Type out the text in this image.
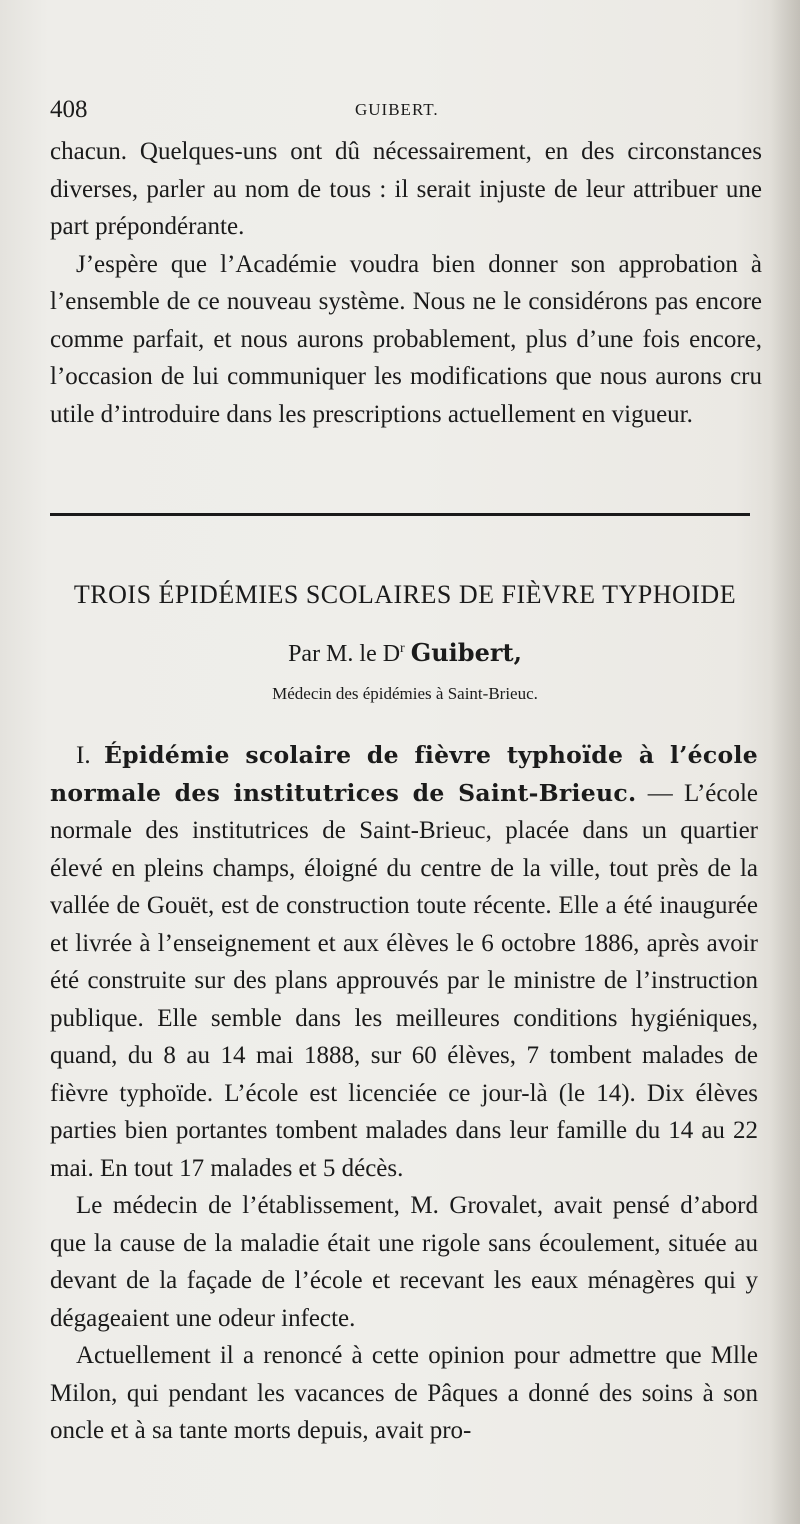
408	GUIBERT.

chacun. Quelques-uns ont dû nécessairement, en des circonstances diverses, parler au nom de tous : il serait injuste de leur attribuer une part prépondérante.

J’espère que l’Académie voudra bien donner son approbation à l’ensemble de ce nouveau système. Nous ne le considérons pas encore comme parfait, et nous aurons probablement, plus d’une fois encore, l’occasion de lui communiquer les modifications que nous aurons cru utile d’introduire dans les prescriptions actuellement en vigueur.

TROIS ÉPIDÉMIES SCOLAIRES DE FIÈVRE TYPHOIDE
Par M. le $D^r$ Guibert,
Médecin des épidémies à Saint-Brieuc.

I. Épidémie scolaire de fièvre typhoïde à l’école normale des institutrices de Saint-Brieuc. — L’école normale des institutrices de Saint-Brieuc, placée dans un quartier élevé en pleins champs, éloigné du centre de la ville, tout près de la vallée de Gouët, est de construction toute récente. Elle a été inaugurée et livrée à l’enseignement et aux élèves le 6 octobre 1886, après avoir été construite sur des plans approuvés par le ministre de l’instruction publique. Elle semble dans les meilleures conditions hygiéniques, quand, du 8 au 14 mai 1888, sur 60 élèves, 7 tombent malades de fièvre typhoïde. L’école est licenciée ce jour-là (le 14). Dix élèves parties bien portantes tombent malades dans leur famille du 14 au 22 mai. En tout 17 malades et 5 décès.

Le médecin de l’établissement, M. Grovalet, avait pensé d’abord que la cause de la maladie était une rigole sans écoulement, située au devant de la façade de l’école et recevant les eaux ménagères qui y dégageaient une odeur infecte.

Actuellement il a renoncé à cette opinion pour admettre que Mlle Milon, qui pendant les vacances de Pâques a donné des soins à son oncle et à sa tante morts depuis, avait pro-
